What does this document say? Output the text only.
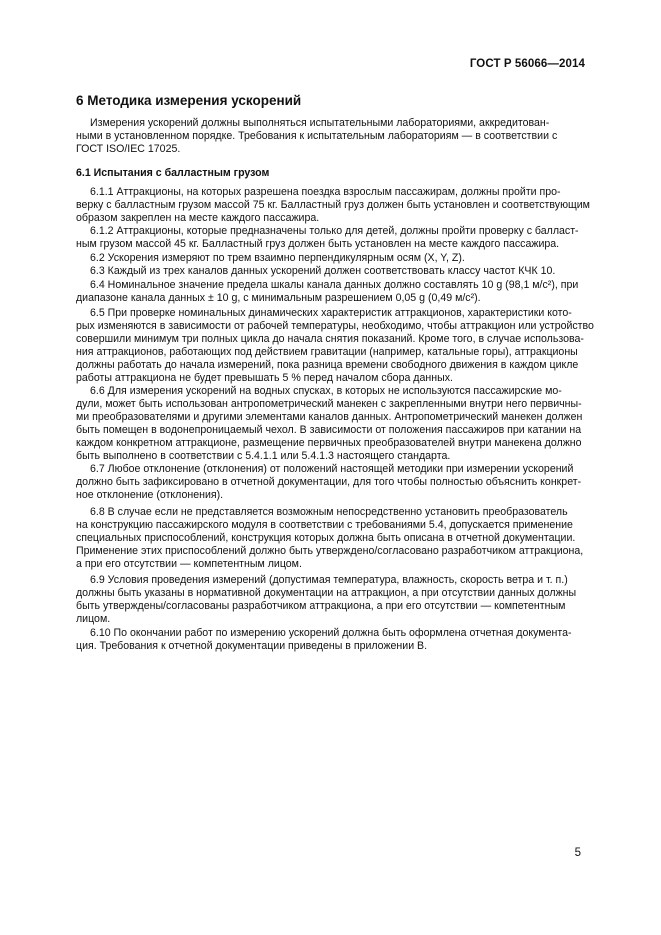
ГОСТ Р 56066—2014
6 Методика измерения ускорений
Измерения ускорений должны выполняться испытательными лабораториями, аккредитован-
ными в установленном порядке. Требования к испытательным лабораториям — в соответствии с
ГОСТ ISO/IEC 17025.
6.1 Испытания с балластным грузом
6.1.1 Аттракционы, на которых разрешена поездка взрослым пассажирам, должны пройти про-
верку с балластным грузом массой 75 кг. Балластный груз должен быть установлен и соответствующим
образом закреплен на месте каждого пассажира.
6.1.2 Аттракционы, которые предназначены только для детей, должны пройти проверку с балласт-
ным грузом массой 45 кг. Балластный груз должен быть установлен на месте каждого пассажира.
6.2 Ускорения измеряют по трем взаимно перпендикулярным осям (X, Y, Z).
6.3 Каждый из трех каналов данных ускорений должен соответствовать классу частот КЧК 10.
6.4 Номинальное значение предела шкалы канала данных должно составлять 10 g (98,1 м/с²), при
диапазоне канала данных ± 10 g, с минимальным разрешением 0,05 g (0,49 м/с²).
6.5 При проверке номинальных динамических характеристик аттракционов, характеристики кото-
рых изменяются в зависимости от рабочей температуры, необходимо, чтобы аттракцион или устройство
совершили минимум три полных цикла до начала снятия показаний. Кроме того, в случае использова-
ния аттракционов, работающих под действием гравитации (например, катальные горы), аттракционы
должны работать до начала измерений, пока разница времени свободного движения в каждом цикле
работы аттракциона не будет превышать 5 % перед началом сбора данных.
6.6 Для измерения ускорений на водных спусках, в которых не используются пассажирские мо-
дули, может быть использован антропометрический манекен с закрепленными внутри него первичны-
ми преобразователями и другими элементами каналов данных. Антропометрический манекен должен
быть помещен в водонепроницаемый чехол. В зависимости от положения пассажиров при катании на
каждом конкретном аттракционе, размещение первичных преобразователей внутри манекена должно
быть выполнено в соответствии с 5.4.1.1 или 5.4.1.3 настоящего стандарта.
6.7 Любое отклонение (отклонения) от положений настоящей методики при измерении ускорений
должно быть зафиксировано в отчетной документации, для того чтобы полностью объяснить конкрет-
ное отклонение (отклонения).
6.8 В случае если не представляется возможным непосредственно установить преобразователь
на конструкцию пассажирского модуля в соответствии с требованиями 5.4, допускается применение
специальных приспособлений, конструкция которых должна быть описана в отчетной документации.
Применение этих приспособлений должно быть утверждено/согласовано разработчиком аттракциона,
а при его отсутствии — компетентным лицом.
6.9 Условия проведения измерений (допустимая температура, влажность, скорость ветра и т. п.)
должны быть указаны в нормативной документации на аттракцион, а при отсутствии данных должны
быть утверждены/согласованы разработчиком аттракциона, а при его отсутствии — компетентным
лицом.
6.10 По окончании работ по измерению ускорений должна быть оформлена отчетная документа-
ция. Требования к отчетной документации приведены в приложении В.
5
